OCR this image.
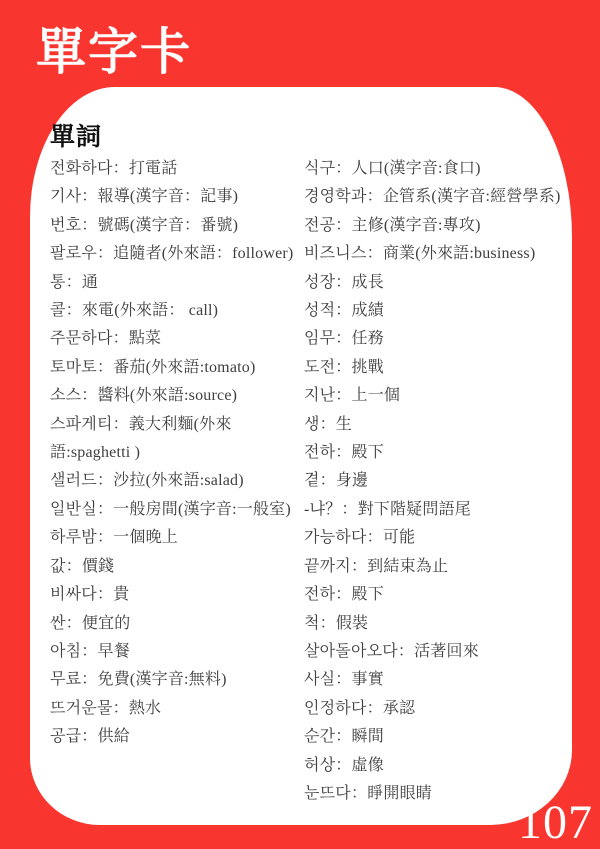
單字卡
單詞
전화하다：打電話
기사：報導(漢字音：記事)
번호：號碼(漢字音：番號)
팔로우：追隨者(外來語：follower)
통：通
콜：來電(外來語： call)
주문하다：點菜
토마토：番茄(外來語:tomato)
소스：醬料(外來語:source)
스파게티：義大利麵(外來語:spaghetti )
샐러드：沙拉(外來語:salad)
일반실：一般房間(漢字音:一般室)
하루밤：一個晚上
값：價錢
비싸다：貴
싼：便宜的
아침：早餐
무료：免費(漢字音:無料)
뜨거운물：熱水
공급：供給
식구：人口(漢字音:食口)
경영학과：企管系(漢字音:經營學系)
전공：主修(漢字音:專攻)
비즈니스：商業(外來語:business)
성장：成長
성적：成績
임무：任務
도전：挑戰
지난：上一個
생：生
전하：殿下
곁：身邊
-냐？：對下階疑問語尾
가능하다：可能
끝까지：到結束為止
전하：殿下
척：假裝
살아돌아오다：活著回來
사실：事實
인정하다：承認
순간：瞬間
허상：虛像
눈뜨다：睜開眼睛
107
